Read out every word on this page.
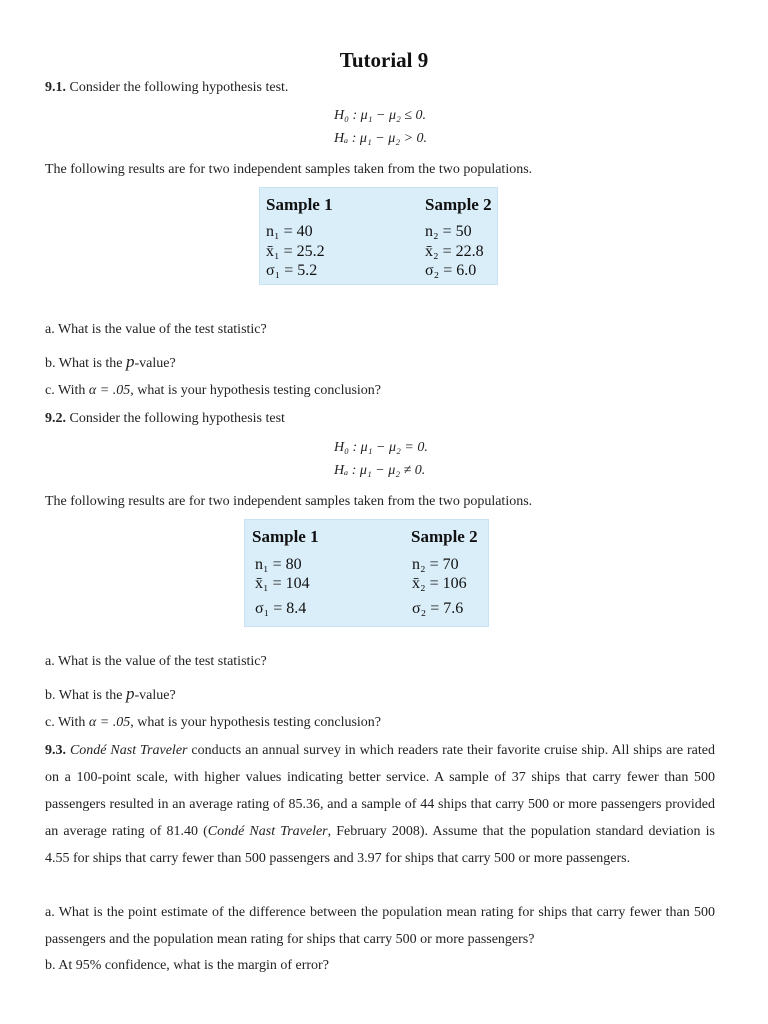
Tutorial 9
9.1. Consider the following hypothesis test.
H₀ : μ₁ − μ₂ ≤ 0.
Hₐ : μ₁ − μ₂ > 0.
The following results are for two independent samples taken from the two populations.
Sample 1	Sample 2
n₁ = 40	n₂ = 50
x̄₁ = 25.2	x̄₂ = 22.8
σ₁ = 5.2	σ₂ = 6.0
a. What is the value of the test statistic?
b. What is the p-value?
c. With α = .05, what is your hypothesis testing conclusion?
9.2. Consider the following hypothesis test
H₀ : μ₁ − μ₂ = 0.
Hₐ : μ₁ − μ₂ ≠ 0.
The following results are for two independent samples taken from the two populations.
Sample 1	Sample 2
n₁ = 80	n₂ = 70
x̄₁ = 104	x̄₂ = 106
σ₁ = 8.4	σ₂ = 7.6
a. What is the value of the test statistic?
b. What is the p-value?
c. With α = .05, what is your hypothesis testing conclusion?
9.3. Condé Nast Traveler conducts an annual survey in which readers rate their favorite cruise ship. All ships are rated on a 100-point scale, with higher values indicating better service. A sample of 37 ships that carry fewer than 500 passengers resulted in an average rating of 85.36, and a sample of 44 ships that carry 500 or more passengers provided an average rating of 81.40 (Condé Nast Traveler, February 2008). Assume that the population standard deviation is 4.55 for ships that carry fewer than 500 passengers and 3.97 for ships that carry 500 or more passengers.
a. What is the point estimate of the difference between the population mean rating for ships that carry fewer than 500 passengers and the population mean rating for ships that carry 500 or more passengers?
b. At 95% confidence, what is the margin of error?
